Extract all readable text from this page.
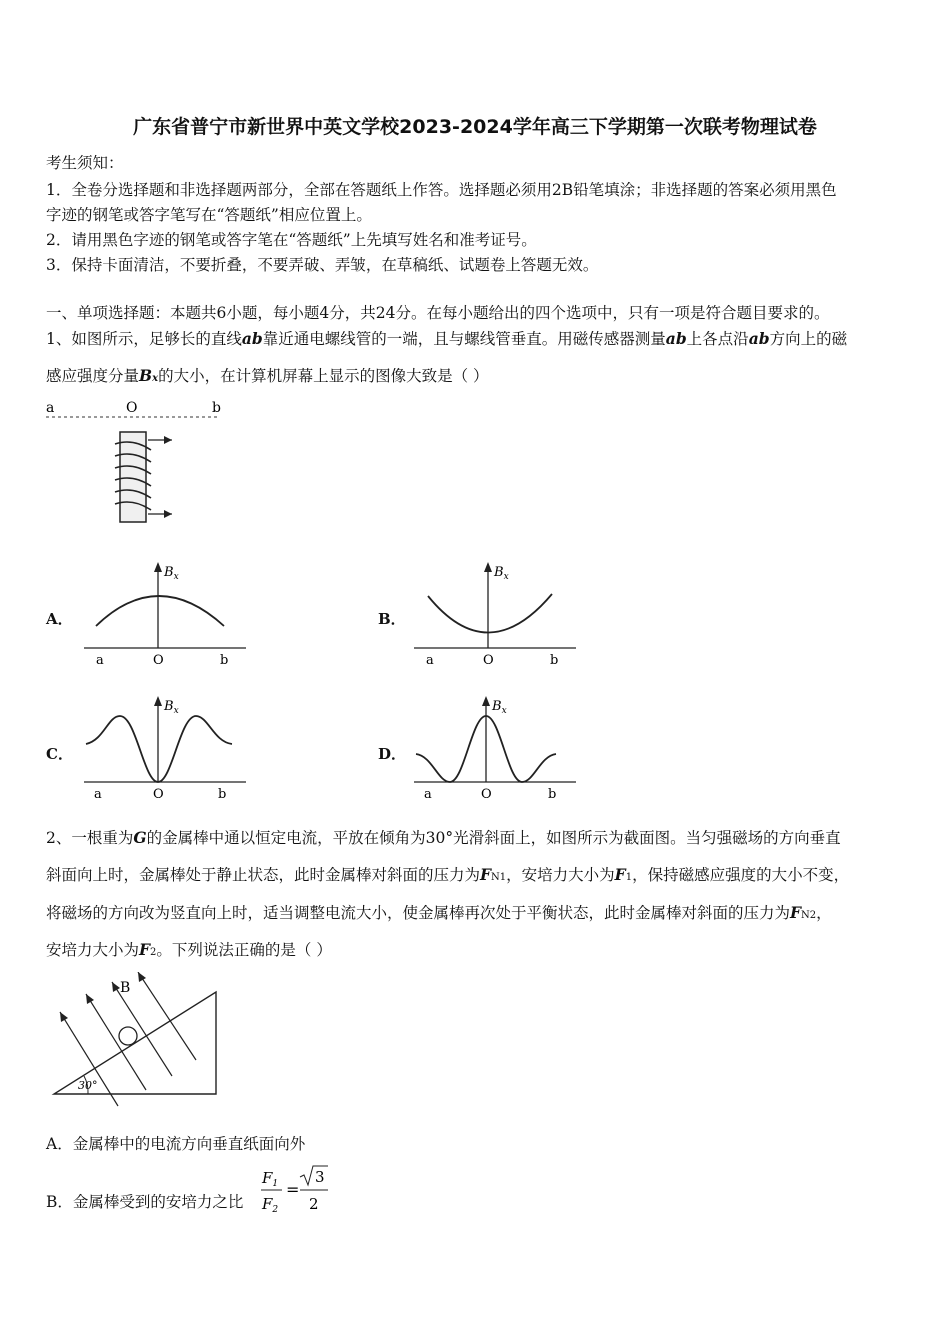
广东省普宁市新世界中英文学校2023-2024学年高三下学期第一次联考物理试卷
考生须知：
1．全卷分选择题和非选择题两部分，全部在答题纸上作答。选择题必须用2B铅笔填涂；非选择题的答案必须用黑色
字迹的钢笔或答字笔写在“答题纸”相应位置上。
2．请用黑色字迹的钢笔或答字笔在“答题纸”上先填写姓名和准考证号。
3．保持卡面清洁，不要折叠，不要弄破、弄皱，在草稿纸、试题卷上答题无效。
一、单项选择题：本题共6小题，每小题4分，共24分。在每小题给出的四个选项中，只有一项是符合题目要求的。
1、如图所示，足够长的直线ab靠近通电螺线管的一端，且与螺线管垂直。用磁传感器测量ab上各点沿ab方向上的磁
感应强度分量Bx的大小，在计算机屏幕上显示的图像大致是（ ）
a	O	b
A．
$B_x$
a	O	b
B．
$B_x$
a	O	b
C．
$B_x$
a	O	b
D．
$B_x$
a	O	b
2、一根重为G的金属棒中通以恒定电流，平放在倾角为30°光滑斜面上，如图所示为截面图。当匀强磁场的方向垂直
斜面向上时，金属棒处于静止状态，此时金属棒对斜面的压力为FN1，安培力大小为F1，保持磁感应强度的大小不变，
将磁场的方向改为竖直向上时，适当调整电流大小，使金属棒再次处于平衡状态，此时金属棒对斜面的压力为FN2，
安培力大小为F2。下列说法正确的是（ ）
30°
B
A．金属棒中的电流方向垂直纸面向外
B．金属棒受到的安培力之比
$F_1$
$F_2$
=
3
2
